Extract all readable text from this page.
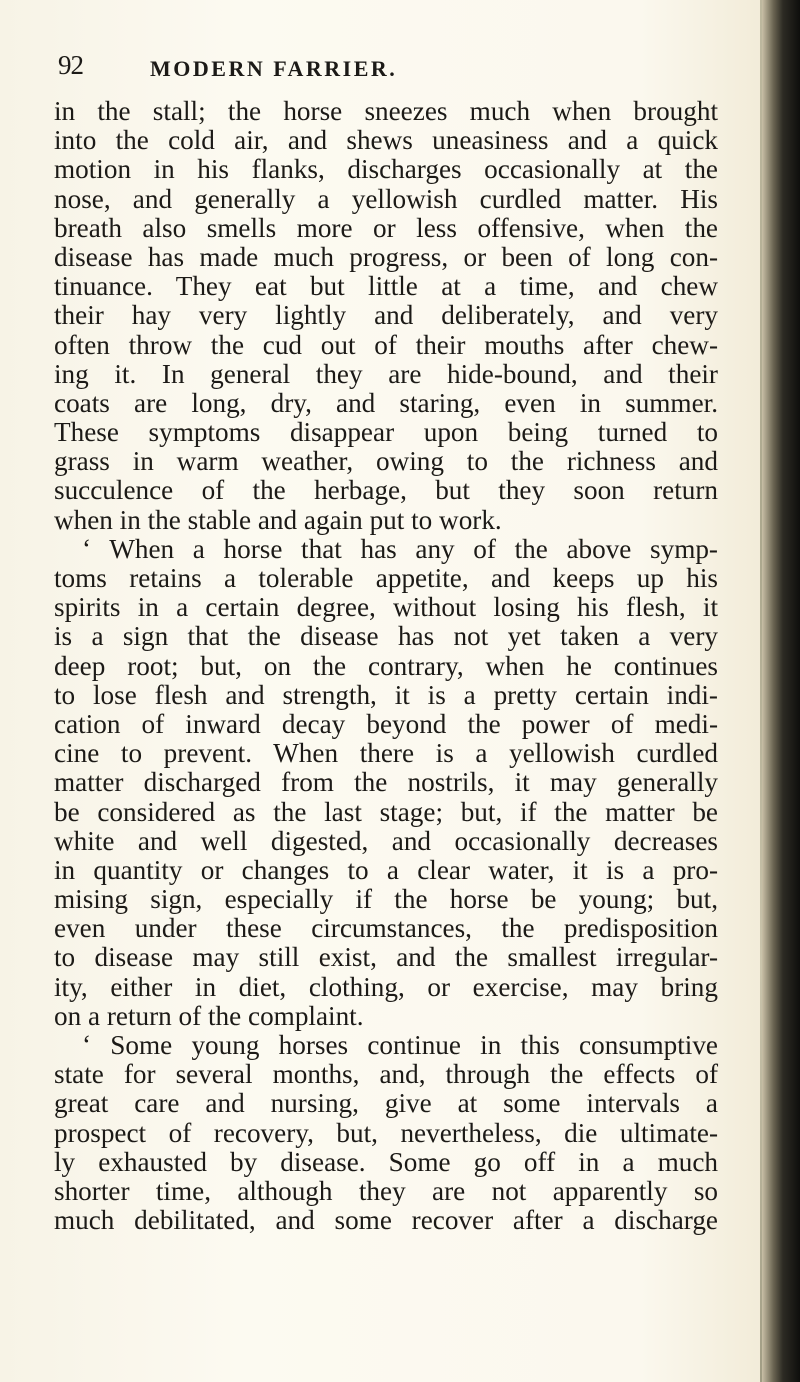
92	MODERN FARRIER.
in the stall; the horse sneezes much when brought
into the cold air, and shews uneasiness and a quick
motion in his flanks, discharges occasionally at the
nose, and generally a yellowish curdled matter. His
breath also smells more or less offensive, when the
disease has made much progress, or been of long con-
tinuance. They eat but little at a time, and chew
their hay very lightly and deliberately, and very
often throw the cud out of their mouths after chew-
ing it. In general they are hide-bound, and their
coats are long, dry, and staring, even in summer.
These symptoms disappear upon being turned to
grass in warm weather, owing to the richness and
succulence of the herbage, but they soon return
when in the stable and again put to work.
‘ When a horse that has any of the above symp-
toms retains a tolerable appetite, and keeps up his
spirits in a certain degree, without losing his flesh, it
is a sign that the disease has not yet taken a very
deep root; but, on the contrary, when he continues
to lose flesh and strength, it is a pretty certain indi-
cation of inward decay beyond the power of medi-
cine to prevent. When there is a yellowish curdled
matter discharged from the nostrils, it may generally
be considered as the last stage; but, if the matter be
white and well digested, and occasionally decreases
in quantity or changes to a clear water, it is a pro-
mising sign, especially if the horse be young; but,
even under these circumstances, the predisposition
to disease may still exist, and the smallest irregular-
ity, either in diet, clothing, or exercise, may bring
on a return of the complaint.
‘ Some young horses continue in this consumptive
state for several months, and, through the effects of
great care and nursing, give at some intervals a
prospect of recovery, but, nevertheless, die ultimate-
ly exhausted by disease. Some go off in a much
shorter time, although they are not apparently so
much debilitated, and some recover after a discharge
